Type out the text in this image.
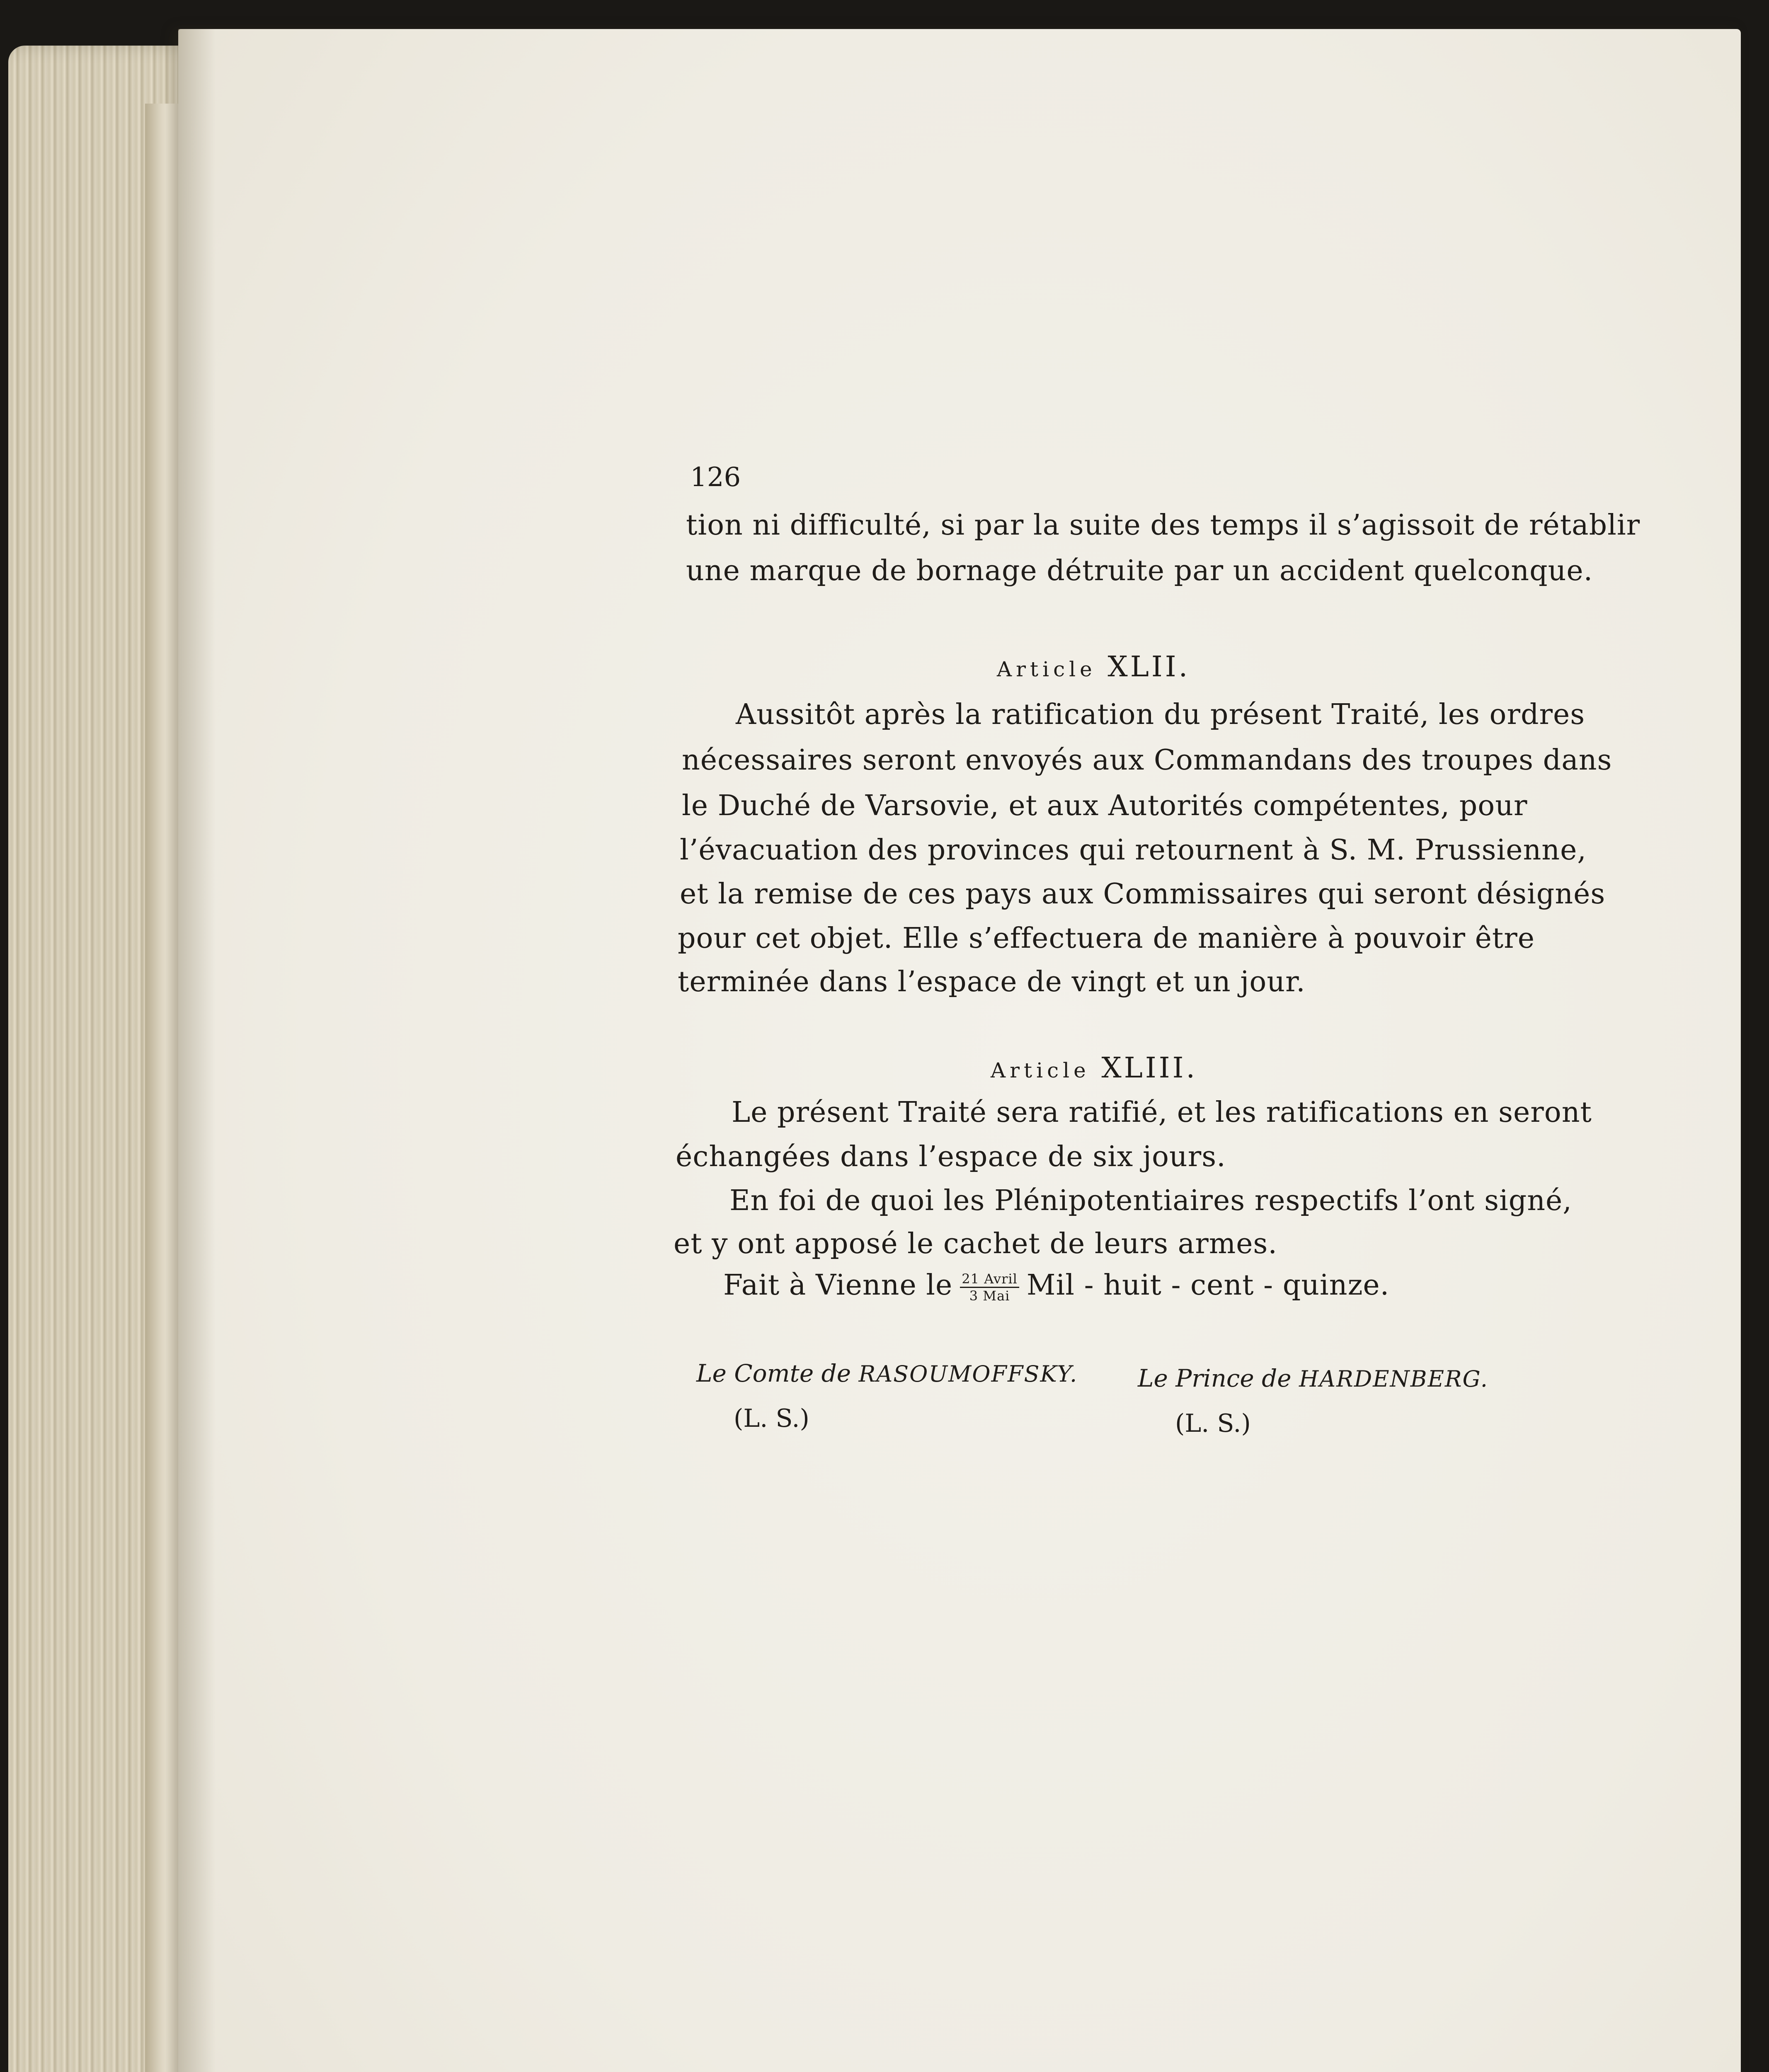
126
tion ni difficulté, si par la suite des temps il s’agissoit de rétablir
une marque de bornage détruite par un accident quelconque.
Article XLII.
Aussitôt après la ratification du présent Traité, les ordres
nécessaires seront envoyés aux Commandans des troupes dans
le Duché de Varsovie, et aux Autorités compétentes, pour
l’évacuation des provinces qui retournent à S. M. Prussienne,
et la remise de ces pays aux Commissaires qui seront désignés
pour cet objet. Elle s’effectuera de manière à pouvoir être
terminée dans l’espace de vingt et un jour.
Article XLIII.
Le présent Traité sera ratifié, et les ratifications en seront
échangées dans l’espace de six jours.
En foi de quoi les Plénipotentiaires respectifs l’ont signé,
et y ont apposé le cachet de leurs armes.
Fait à Vienne le $\frac{\text{21 Avril}}{\text{3 Mai}}$ Mil - huit - cent - quinze.
Le Comte de RASOUMOFFSKY.
(L. S.)
Le Prince de HARDENBERG.
(L. S.)
